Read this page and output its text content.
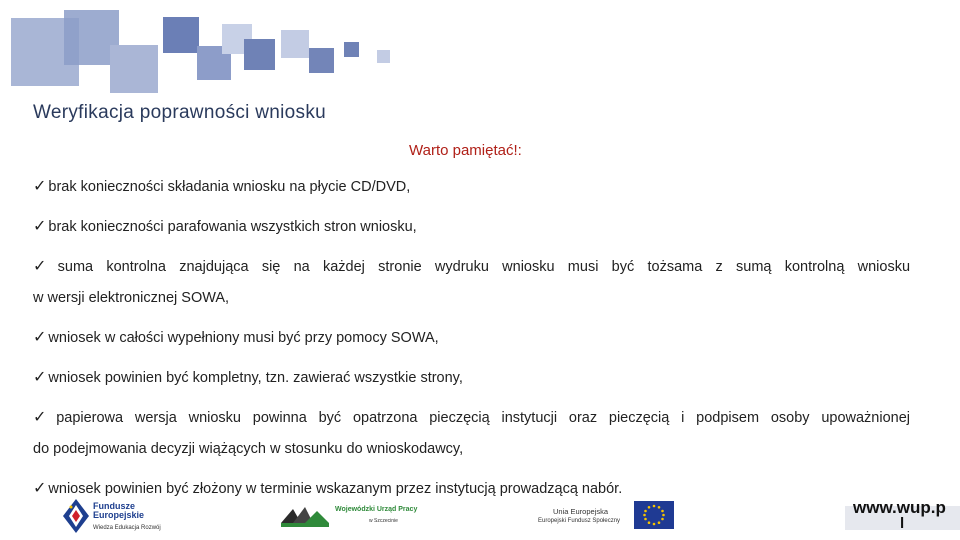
Weryfikacja poprawności wniosku
Warto pamiętać!:
✓ brak konieczności składania wniosku na płycie CD/DVD,
✓ brak konieczności parafowania wszystkich stron wniosku,
✓ suma kontrolna znajdująca się na każdej stronie wydruku wniosku musi być tożsama z sumą kontrolną wniosku
w wersji elektronicznej SOWA,
✓ wniosek w całości wypełniony musi być przy pomocy SOWA,
✓ wniosek powinien być kompletny, tzn. zawierać wszystkie strony,
✓ papierowa wersja wniosku powinna być opatrzona pieczęcią instytucji oraz pieczęcią i podpisem osoby upoważnionej
do podejmowania decyzji wiążących w stosunku do wnioskodawcy,
✓ wniosek powinien być złożony w terminie wskazanym przez instytucją prowadzącą nabór.
Fundusze
Europejskie
Wiedza Edukacja Rozwój
Wojewódzki Urząd Pracy
w Szczecinie
Unia Europejska
Europejski Fundusz Społeczny
www.wup.p
l
